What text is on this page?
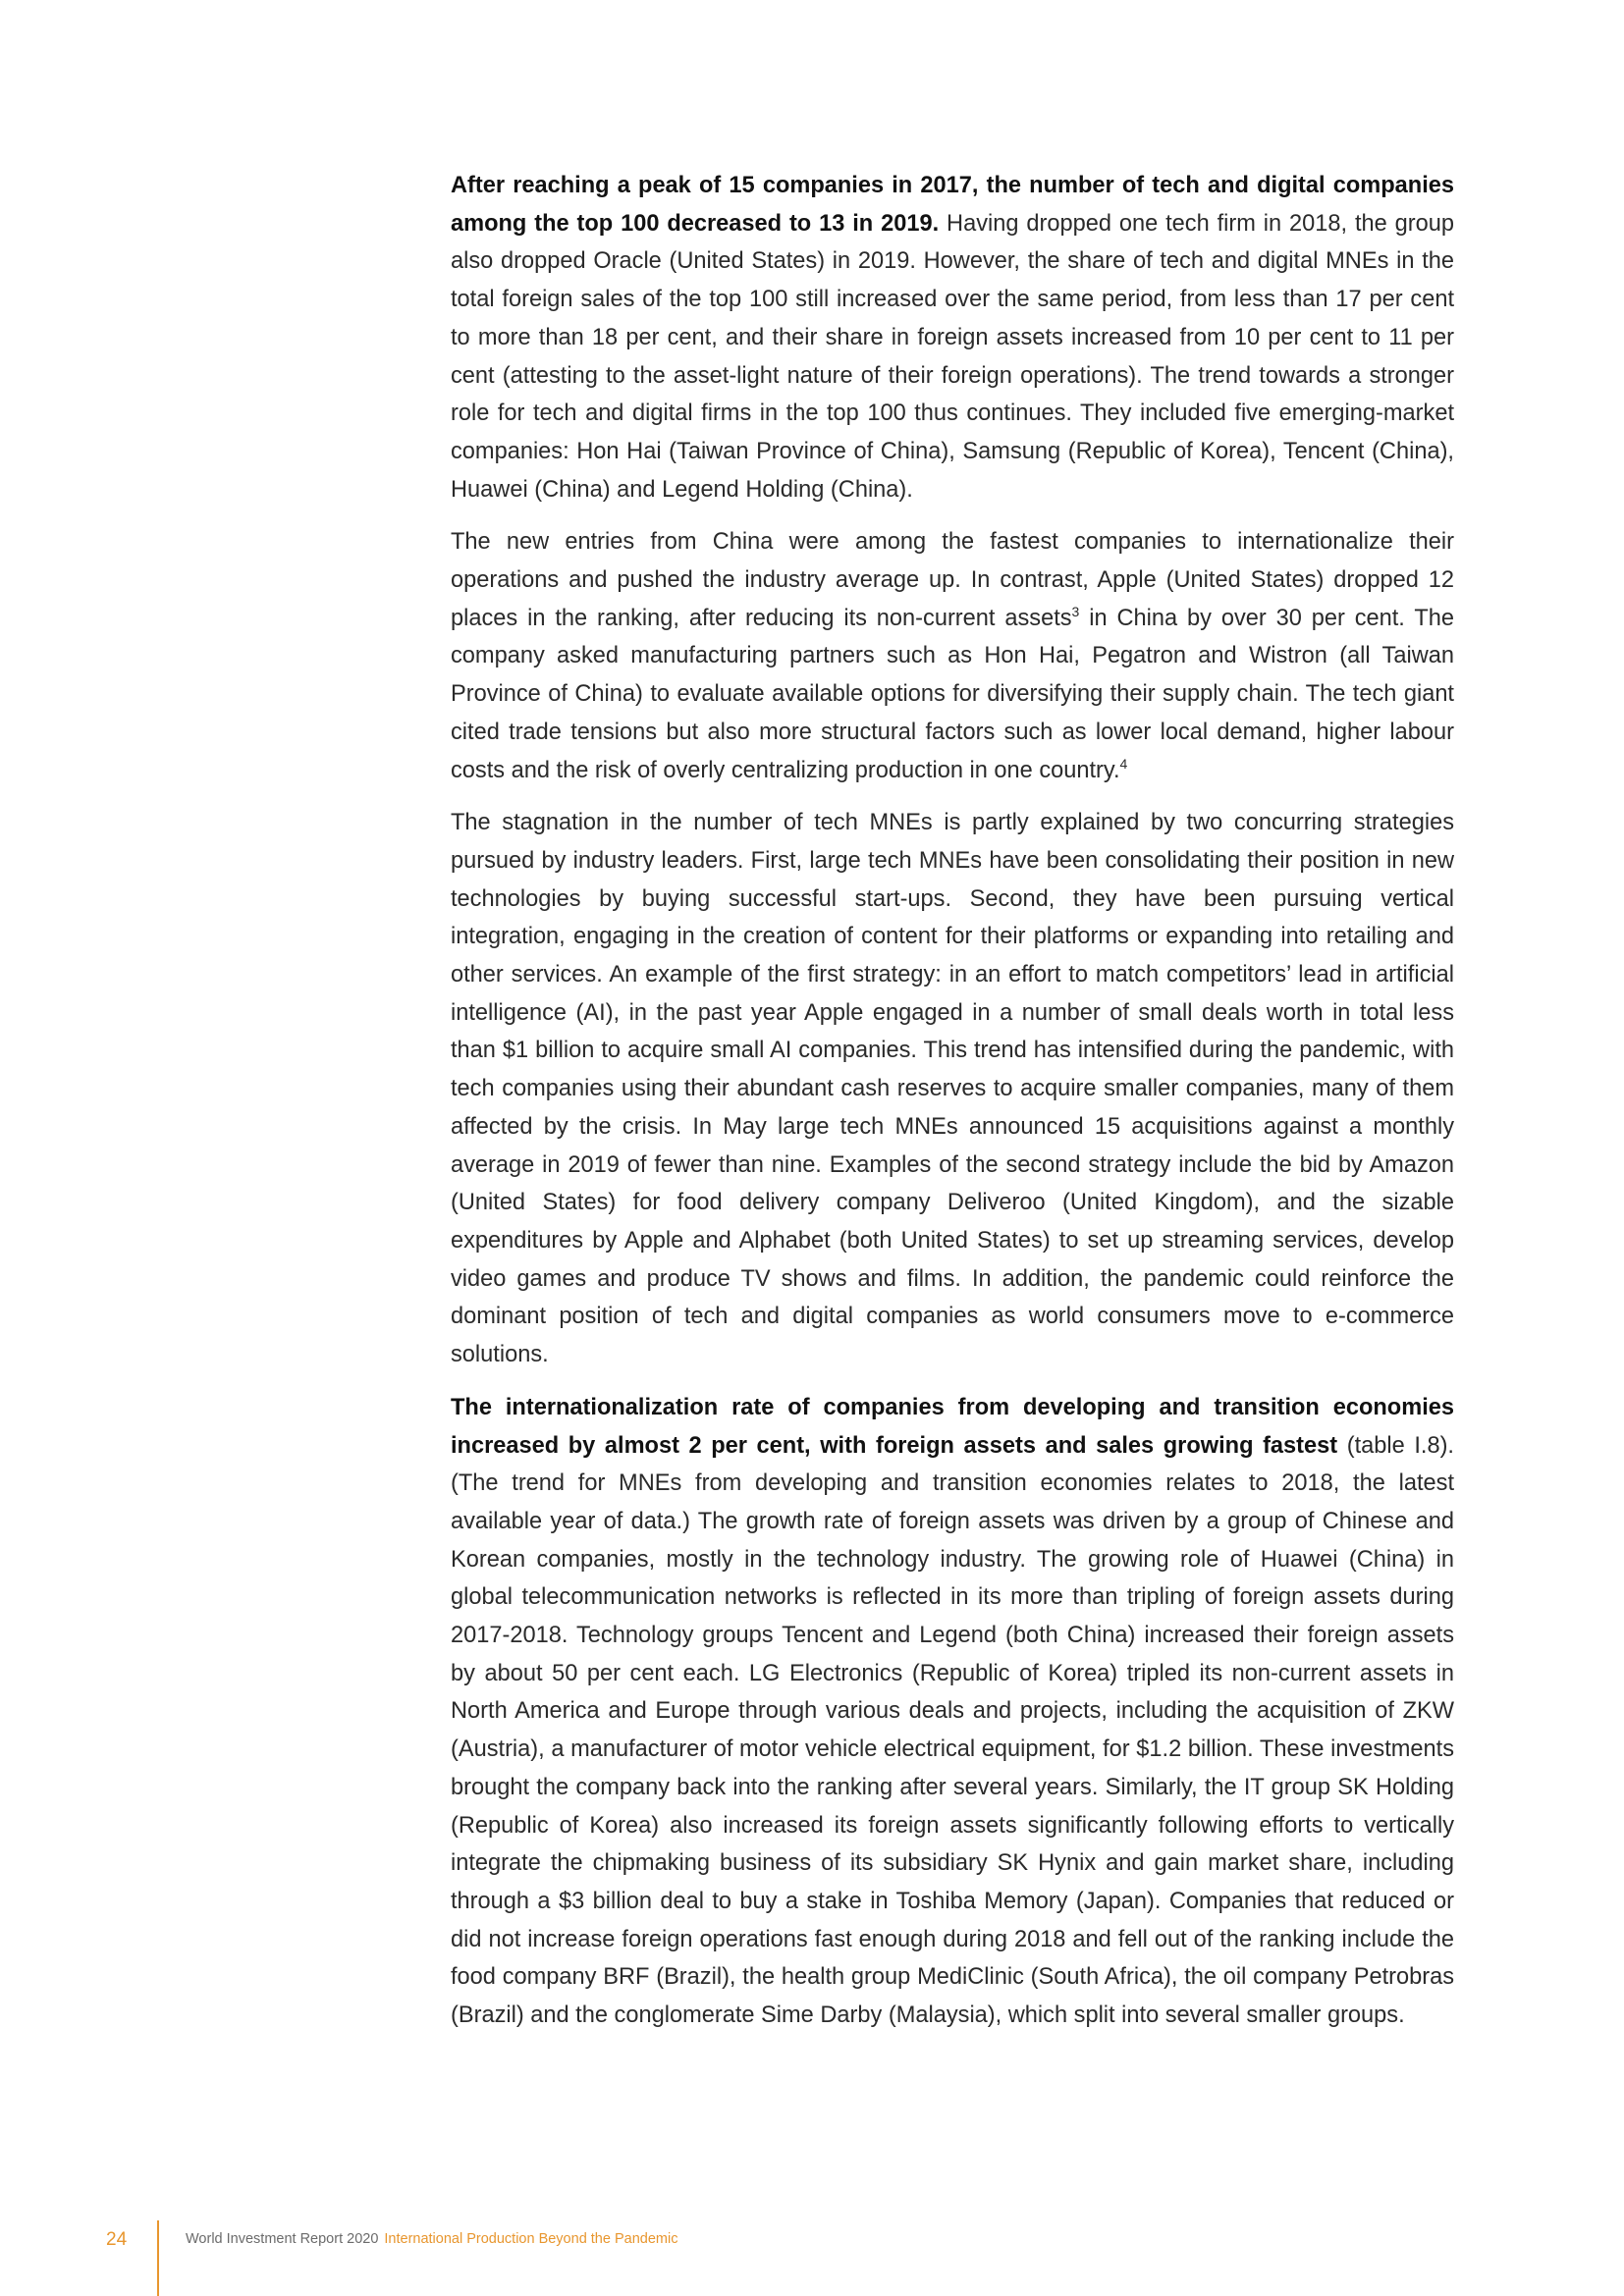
After reaching a peak of 15 companies in 2017, the number of tech and digital companies among the top 100 decreased to 13 in 2019. Having dropped one tech firm in 2018, the group also dropped Oracle (United States) in 2019. However, the share of tech and digital MNEs in the total foreign sales of the top 100 still increased over the same period, from less than 17 per cent to more than 18 per cent, and their share in foreign assets increased from 10 per cent to 11 per cent (attesting to the asset-light nature of their foreign operations). The trend towards a stronger role for tech and digital firms in the top 100 thus continues. They included five emerging-market companies: Hon Hai (Taiwan Province of China), Samsung (Republic of Korea), Tencent (China), Huawei (China) and Legend Holding (China).

The new entries from China were among the fastest companies to internationalize their operations and pushed the industry average up. In contrast, Apple (United States) dropped 12 places in the ranking, after reducing its non-current assets$^3$ in China by over 30 per cent. The company asked manufacturing partners such as Hon Hai, Pegatron and Wistron (all Taiwan Province of China) to evaluate available options for diversifying their supply chain. The tech giant cited trade tensions but also more structural factors such as lower local demand, higher labour costs and the risk of overly centralizing production in one country.$^4$

The stagnation in the number of tech MNEs is partly explained by two concurring strategies pursued by industry leaders. First, large tech MNEs have been consolidating their position in new technologies by buying successful start-ups. Second, they have been pursuing vertical integration, engaging in the creation of content for their platforms or expanding into retailing and other services. An example of the first strategy: in an effort to match competitors’ lead in artificial intelligence (AI), in the past year Apple engaged in a number of small deals worth in total less than $1 billion to acquire small AI companies. This trend has intensified during the pandemic, with tech companies using their abundant cash reserves to acquire smaller companies, many of them affected by the crisis. In May large tech MNEs announced 15 acquisitions against a monthly average in 2019 of fewer than nine. Examples of the second strategy include the bid by Amazon (United States) for food delivery company Deliveroo (United Kingdom), and the sizable expenditures by Apple and Alphabet (both United States) to set up streaming services, develop video games and produce TV shows and films. In addition, the pandemic could reinforce the dominant position of tech and digital companies as world consumers move to e-commerce solutions.

The internationalization rate of companies from developing and transition economies increased by almost 2 per cent, with foreign assets and sales growing fastest (table I.8). (The trend for MNEs from developing and transition economies relates to 2018, the latest available year of data.) The growth rate of foreign assets was driven by a group of Chinese and Korean companies, mostly in the technology industry. The growing role of Huawei (China) in global telecommunication networks is reflected in its more than tripling of foreign assets during 2017-2018. Technology groups Tencent and Legend (both China) increased their foreign assets by about 50 per cent each. LG Electronics (Republic of Korea) tripled its non-current assets in North America and Europe through various deals and projects, including the acquisition of ZKW (Austria), a manufacturer of motor vehicle electrical equipment, for $1.2 billion. These investments brought the company back into the ranking after several years. Similarly, the IT group SK Holding (Republic of Korea) also increased its foreign assets significantly following efforts to vertically integrate the chipmaking business of its subsidiary SK Hynix and gain market share, including through a $3 billion deal to buy a stake in Toshiba Memory (Japan). Companies that reduced or did not increase foreign operations fast enough during 2018 and fell out of the ranking include the food company BRF (Brazil), the health group MediClinic (South Africa), the oil company Petrobras (Brazil) and the conglomerate Sime Darby (Malaysia), which split into several smaller groups.

24	World Investment Report 2020 International Production Beyond the Pandemic
